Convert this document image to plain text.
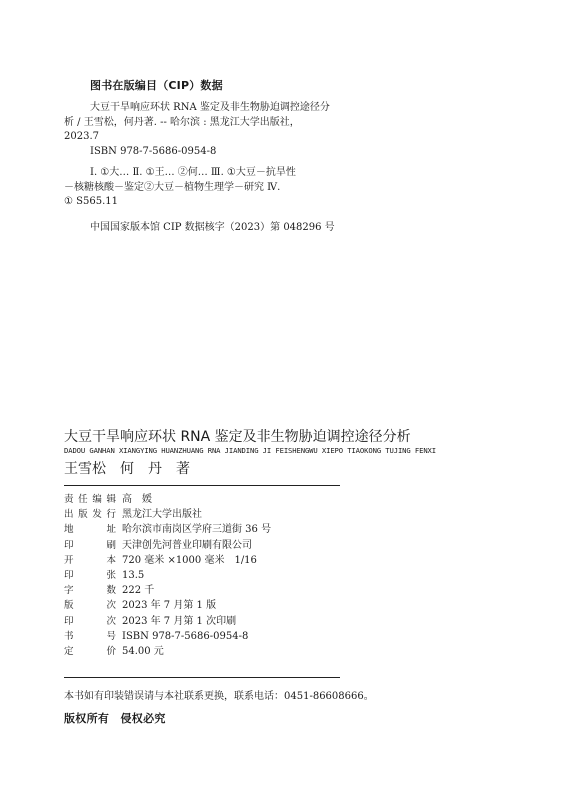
图书在版编目（CIP）数据
大豆干旱响应环状 RNA 鉴定及非生物胁迫调控途径分
析 / 王雪松，何丹著. -- 哈尔滨 : 黑龙江大学出版社，
2023.7
ISBN 978-7-5686-0954-8
Ⅰ. ①大… Ⅱ. ①王… ②何… Ⅲ. ①大豆－抗旱性
－核糖核酸－鉴定②大豆－植物生理学－研究 Ⅳ.
① S565.11
中国国家版本馆 CIP 数据核字（2023）第 048296 号
大豆干旱响应环状 RNA 鉴定及非生物胁迫调控途径分析
DADOU GANHAN XIANGYING HUANZHUANG RNA JIANDING JI FEISHENGWU XIEPO TIAOKONG TUJING FENXI
王雪松　何　丹　著
责 任 编 辑 高　媛
出 版 发 行 黑龙江大学出版社
地	址 哈尔滨市南岗区学府三道街 36 号
印	刷 天津创先河普业印刷有限公司
开	本 720 毫米 ×1000 毫米　1/16
印	张 13.5
字	数 222 千
版	次 2023 年 7 月第 1 版
印	次 2023 年 7 月第 1 次印刷
书	号 ISBN 978-7-5686-0954-8
定	价 54.00 元
本书如有印装错误请与本社联系更换，联系电话：0451-86608666。
版权所有　侵权必究
